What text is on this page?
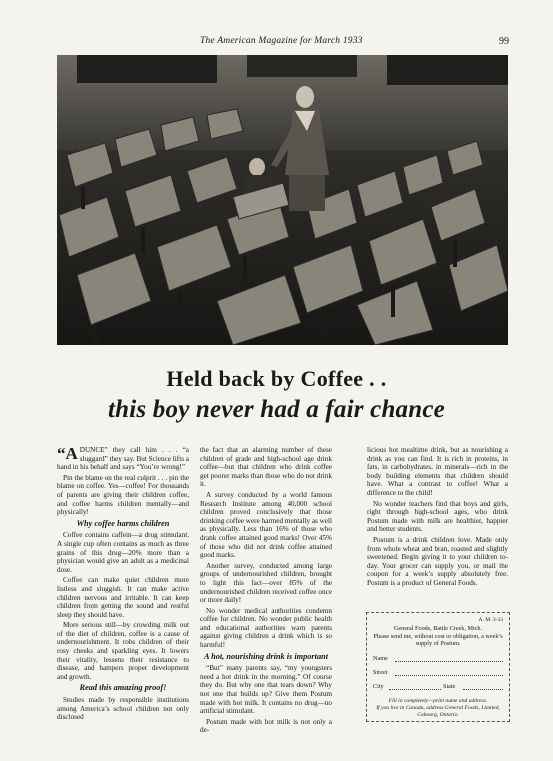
The American Magazine for March 1933	99
Held back by Coffee . .
this boy never had a fair chance

“ADUNCE” they call him . . . “a sluggard” they say. But Science lifts a hand in his behalf and says “You’re wrong!”

Pin the blame on the real culprit . . . pin the blame on coffee. Yes—coffee! For thousands of parents are giving their children coffee, and coffee harms children mentally—and physically!

Why coffee harms children

Coffee contains caffein—a drug stimulant. A single cup often contains as much as three grains of this drug—20% more than a physician would give an adult as a medicinal dose.

Coffee can make quiet children more listless and sluggish. It can make active children nervous and irritable. It can keep children from getting the sound and restful sleep they should have.

More serious still—by crowding milk out of the diet of children, coffee is a cause of undernourishment. It robs children of their rosy cheeks and sparkling eyes. It lowers their vitality, lessens their resistance to disease, and hampers proper development and growth.

Read this amazing proof!

Studies made by responsible institutions among America’s school children not only disclosed

the fact that an alarming number of these children of grade and high-school age drink coffee—but that children who drink coffee get poorer marks than those who do not drink it.

A survey conducted by a world famous Research Institute among 40,000 school children proved conclusively that those drinking coffee were harmed mentally as well as physically. Less than 16% of those who drank coffee attained good marks! Over 45% of those who did not drink coffee attained good marks.

Another survey, conducted among large groups of undernourished children, brought to light this fact—over 85% of the undernourished children received coffee once or more daily!

No wonder medical authorities condemn coffee for children. No wonder public health and educational authorities warn parents against giving children a drink which is so harmful!

A hot, nourishing drink is important

“But” many parents say, “my youngsters need a hot drink in the morning.” Of course they do. But why one that tears down? Why not one that builds up? Give them Postum made with hot milk. It contains no drug—no artificial stimulant.

Postum made with hot milk is not only a de-

licious hot mealtime drink, but as nourishing a drink as you can find. It is rich in proteins, in fats, in carbohydrates, in minerals—rich in the body building elements that children should have. What a contrast to coffee! What a difference to the child!

No wonder teachers find that boys and girls, right through high-school ages, who drink Postum made with milk are healthier, happier and better students.

Postum is a drink children love. Made only from whole wheat and bran, roasted and slightly sweetened. Begin giving it to your children to-day. Your grocer can supply you, or mail the coupon for a week’s supply absolutely free. Postum is a product of General Foods.

A. M. 3-33
General Foods, Battle Creek, Mich.
Please send me, without cost or obligation, a week’s supply of Postum.
Name
Street
City	State
Fill in completely—print name and address.
If you live in Canada, address General Foods, Limited, Cobourg, Ontario.
